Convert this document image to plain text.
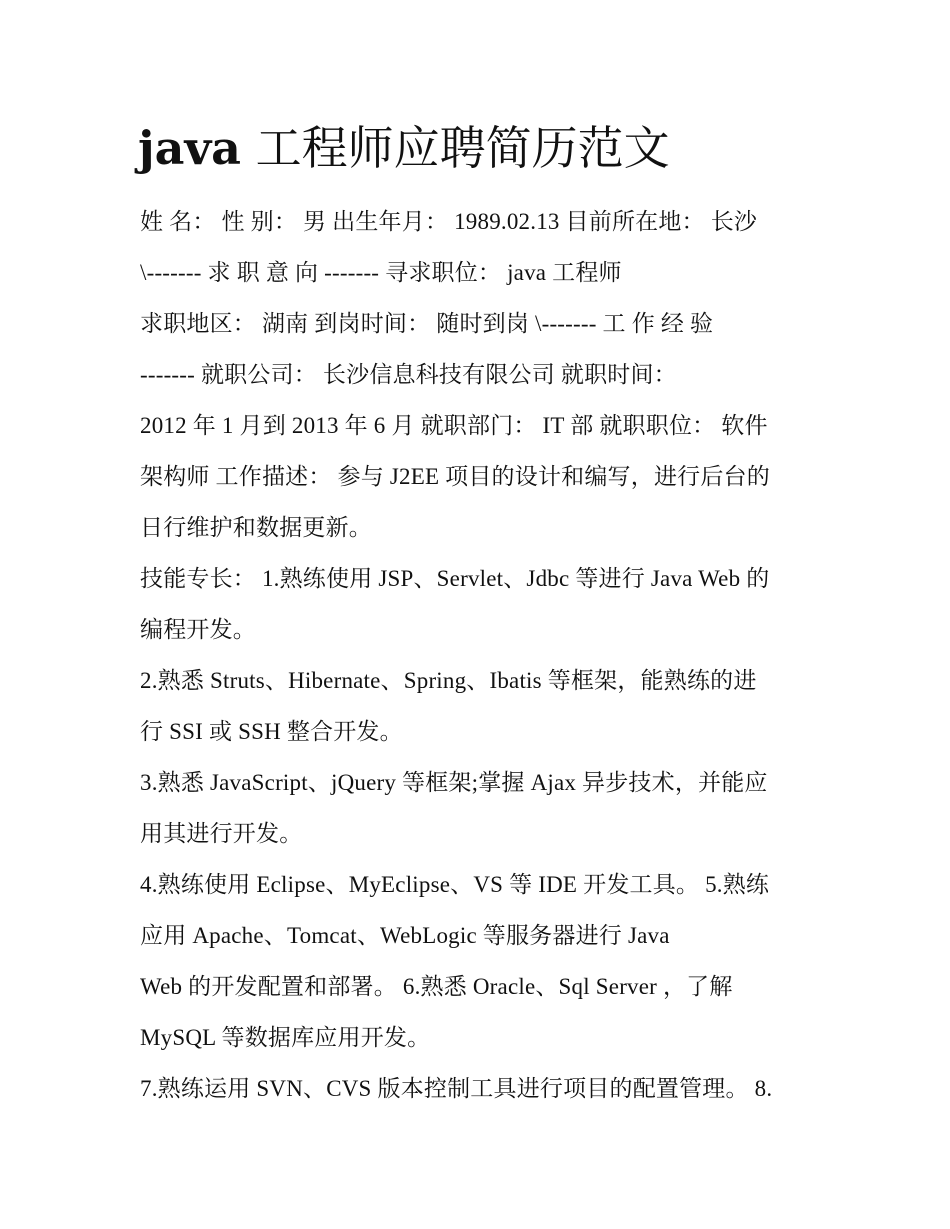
java 工程师应聘简历范文
姓 名： 性 别： 男 出生年月： 1989.02.13 目前所在地： 长沙
\------- 求 职 意 向 ------- 寻求职位： java 工程师
求职地区： 湖南 到岗时间： 随时到岗 \------- 工 作 经 验
------- 就职公司： 长沙信息科技有限公司 就职时间：
2012 年 1 月到 2013 年 6 月 就职部门： IT 部 就职职位： 软件
架构师 工作描述： 参与 J2EE 项目的设计和编写，进行后台的
日行维护和数据更新。
技能专长： 1.熟练使用 JSP、Servlet、Jdbc 等进行 Java Web 的
编程开发。
2.熟悉 Struts、Hibernate、Spring、Ibatis 等框架，能熟练的进
行 SSI 或 SSH 整合开发。
3.熟悉 JavaScript、jQuery 等框架;掌握 Ajax 异步技术，并能应
用其进行开发。
4.熟练使用 Eclipse、MyEclipse、VS 等 IDE 开发工具。 5.熟练
应用 Apache、Tomcat、WebLogic 等服务器进行 Java
Web 的开发配置和部署。 6.熟悉 Oracle、Sql Server ，了解
MySQL 等数据库应用开发。
7.熟练运用 SVN、CVS 版本控制工具进行项目的配置管理。 8.
